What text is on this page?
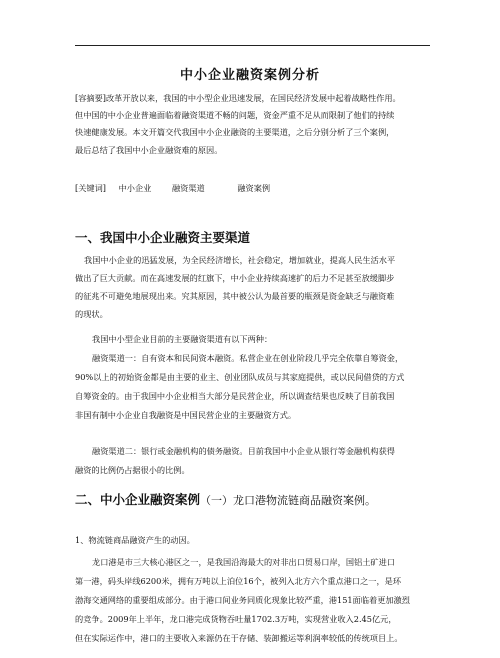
中小企业融资案例分析
[容摘要]改革开放以来，我国的中小型企业迅速发展，在国民经济发展中起着战略性作用。
但中国的中小企业普遍面临着融资渠道不畅的问题，资金严重不足从而限制了他们的持续
快速健康发展。本文开篇交代我国中小企业融资的主要渠道，之后分别分析了三个案例，
最后总结了我国中小企业融资难的原因。
[关键词] 中小企业	融资渠道	融资案例
一、我国中小企业融资主要渠道
我国中小企业的迅猛发展，为全民经济增长，社会稳定，增加就业，提高人民生活水平
做出了巨大贡献。而在高速发展的红旗下，中小企业持续高速扩的后力不足甚至放缓脚步
的征兆不可避免地展现出来。究其原因，其中被公认为最首要的瓶颈是资金缺乏与融资难
的现状。
我国中小型企业目前的主要融资渠道有以下两种：
融资渠道一：自有资本和民间资本融资。私营企业在创业阶段几乎完全依靠自筹资金，
90%以上的初始资金都是由主要的业主、创业团队成员与其家庭提供，或以民间借贷的方式
自筹资金的。由于我国中小企业相当大部分是民营企业，所以调查结果也反映了目前我国
非国有制中小企业自我融资是中国民营企业的主要融资方式。
融资渠道二：银行或金融机构的债务融资。目前我国中小企业从银行等金融机构获得
融资的比例仍占据很小的比例。
二、中小企业融资案例（一）龙口港物流链商品融资案例。
1、物流链商品融资产生的动因。
龙口港是市三大核心港区之一，是我国沿海最大的对非出口贸易口岸，国铝土矿进口
第一港，码头岸线6200米，拥有万吨以上泊位16个，被列入北方六个重点港口之一，是环
渤海交通网络的重要组成部分。由于港口间业务同质化现象比较严重，港151面临着更加激烈
的竞争。2009年上半年，龙口港完成货物吞吐量1702.3万吨，实现营业收入2.45亿元，
但在实际运作中，港口的主要收入来源仍在于存储、装卸搬运等利润率较低的传统项目上。
